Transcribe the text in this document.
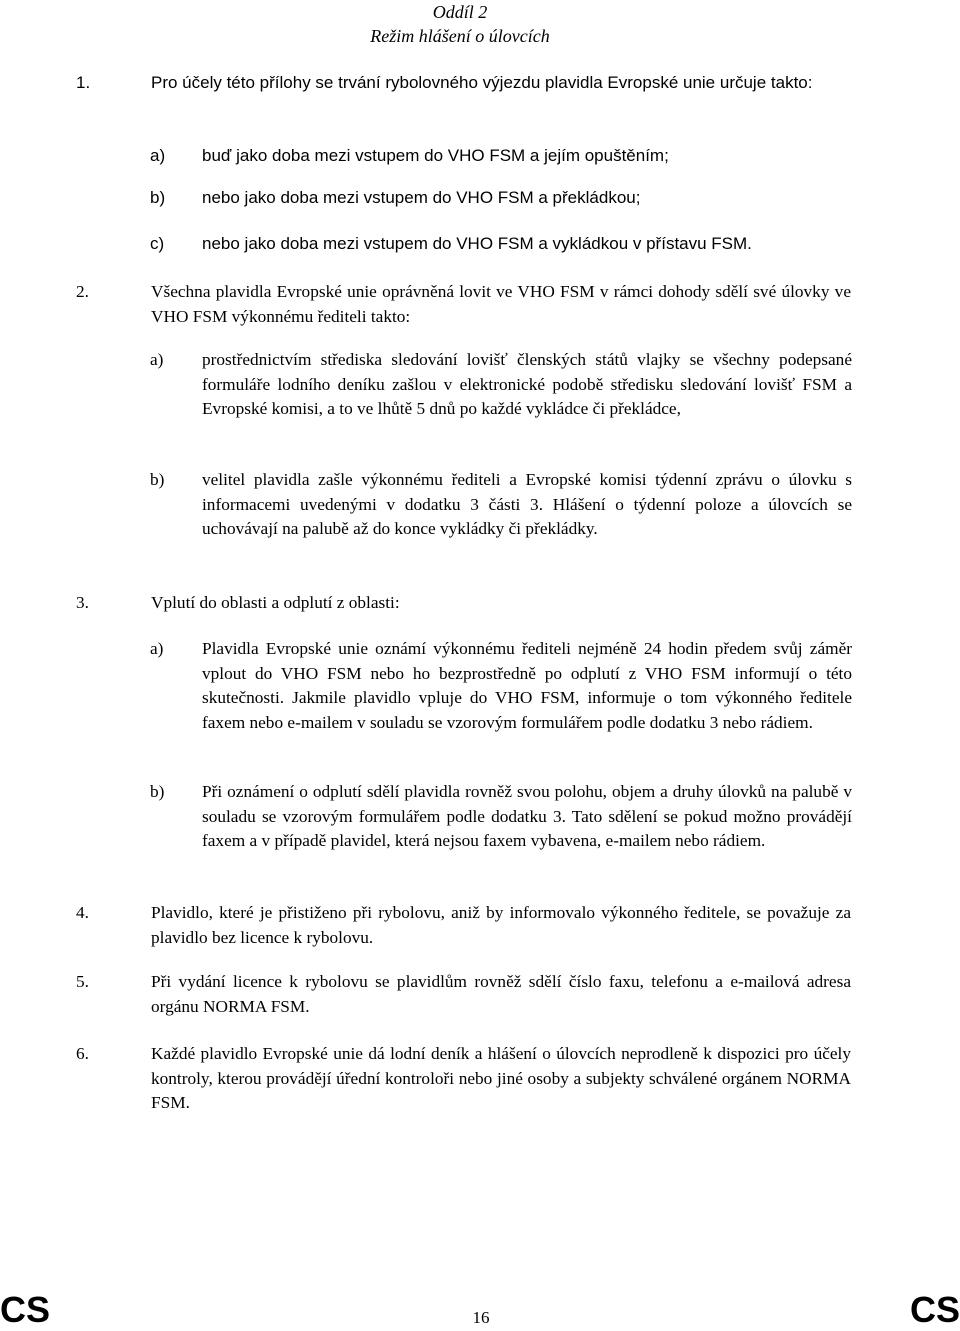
Oddíl 2
Režim hlášení o úlovcích
1.	Pro účely této přílohy se trvání rybolovného výjezdu plavidla Evropské unie určuje takto:
a) buď jako doba mezi vstupem do VHO FSM a jejím opuštěním;
b) nebo jako doba mezi vstupem do VHO FSM a překládkou;
c) nebo jako doba mezi vstupem do VHO FSM a vykládkou v přístavu FSM.
2.	Všechna plavidla Evropské unie oprávněná lovit ve VHO FSM v rámci dohody sdělí své úlovky ve VHO FSM výkonnému řediteli takto:
a) prostřednictvím střediska sledování lovišť členských států vlajky se všechny podepsané formuláře lodního deníku zašlou v elektronické podobě středisku sledování lovišť FSM a Evropské komisi, a to ve lhůtě 5 dnů po každé vykládce či překládce,
b) velitel plavidla zašle výkonnému řediteli a Evropské komisi týdenní zprávu o úlovku s informacemi uvedenými v dodatku 3 části 3. Hlášení o týdenní poloze a úlovcích se uchovávají na palubě až do konce vykládky či překládky.
3.	Vplutí do oblasti a odplutí z oblasti:
a) Plavidla Evropské unie oznámí výkonnému řediteli nejméně 24 hodin předem svůj záměr vplout do VHO FSM nebo ho bezprostředně po odplutí z VHO FSM informují o této skutečnosti. Jakmile plavidlo vpluje do VHO FSM, informuje o tom výkonného ředitele faxem nebo e-mailem v souladu se vzorovým formulářem podle dodatku 3 nebo rádiem.
b) Při oznámení o odplutí sdělí plavidla rovněž svou polohu, objem a druhy úlovků na palubě v souladu se vzorovým formulářem podle dodatku 3. Tato sdělení se pokud možno provádějí faxem a v případě plavidel, která nejsou faxem vybavena, e-mailem nebo rádiem.
4.	Plavidlo, které je přistiženo při rybolovu, aniž by informovalo výkonného ředitele, se považuje za plavidlo bez licence k rybolovu.
5.	Při vydání licence k rybolovu se plavidlům rovněž sdělí číslo faxu, telefonu a e-mailová adresa orgánu NORMA FSM.
6.	Každé plavidlo Evropské unie dá lodní deník a hlášení o úlovcích neprodleně k dispozici pro účely kontroly, kterou provádějí úřední kontroloři nebo jiné osoby a subjekty schválené orgánem NORMA FSM.
CS	16	CS
